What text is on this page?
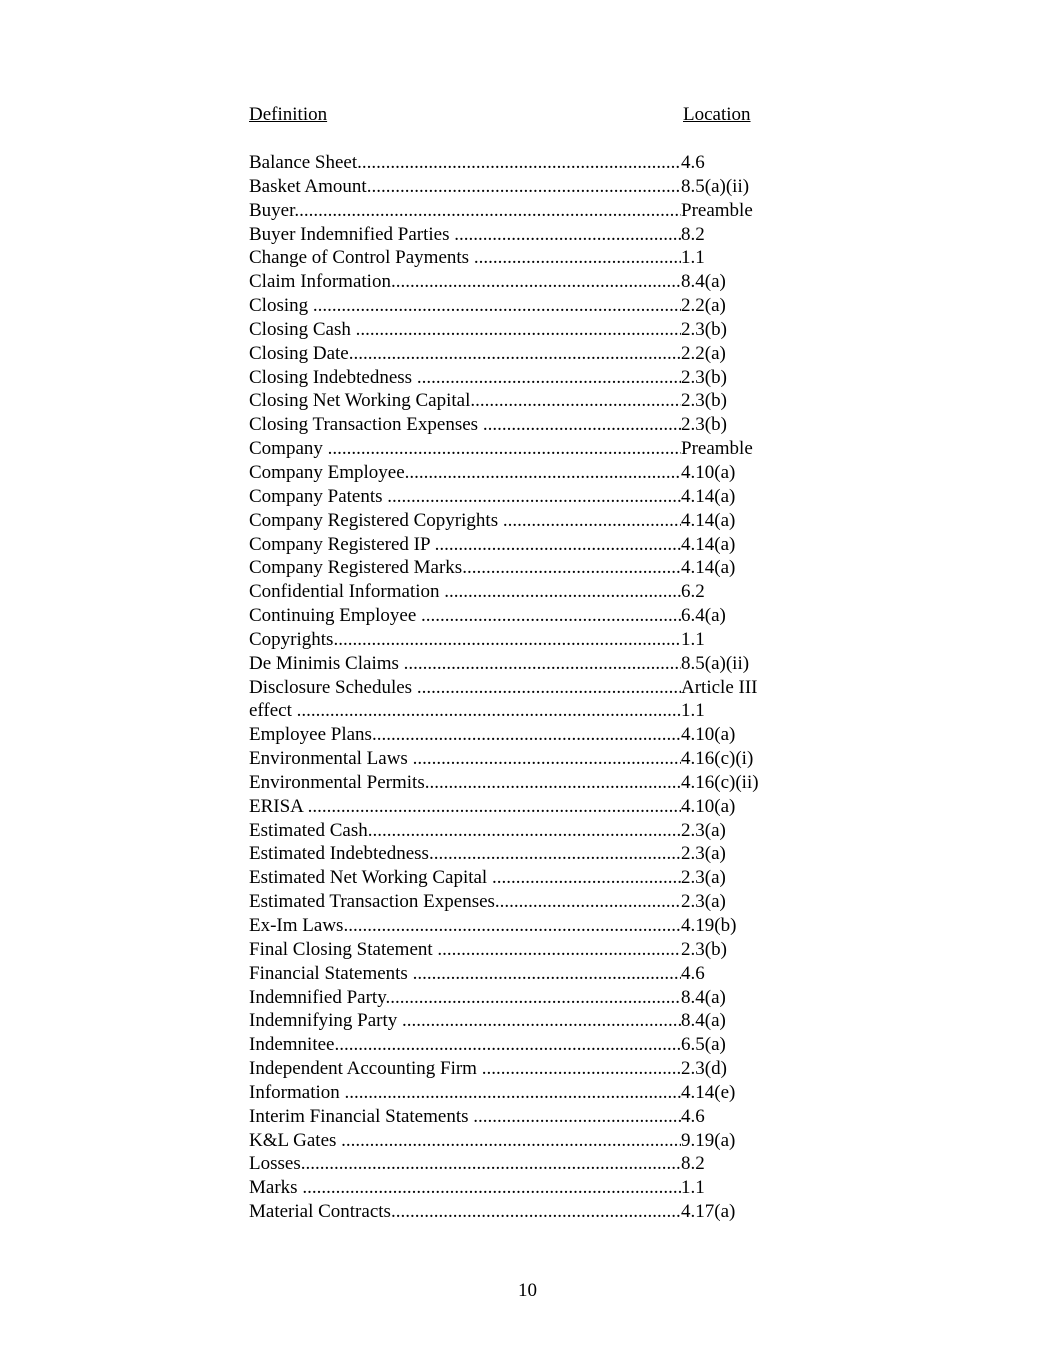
Definition	Location
Balance Sheet .....	4.6
Basket Amount .....	8.5(a)(ii)
Buyer .....	Preamble
Buyer Indemnified Parties .....	8.2
Change of Control Payments .....	1.1
Claim Information .....	8.4(a)
Closing .....	2.2(a)
Closing Cash .....	2.3(b)
Closing Date .....	2.2(a)
Closing Indebtedness .....	2.3(b)
Closing Net Working Capital .....	2.3(b)
Closing Transaction Expenses .....	2.3(b)
Company .....	Preamble
Company Employee .....	4.10(a)
Company Patents .....	4.14(a)
Company Registered Copyrights .....	4.14(a)
Company Registered IP .....	4.14(a)
Company Registered Marks .....	4.14(a)
Confidential Information .....	6.2
Continuing Employee .....	6.4(a)
Copyrights .....	1.1
De Minimis Claims .....	8.5(a)(ii)
Disclosure Schedules .....	Article III
effect .....	1.1
Employee Plans .....	4.10(a)
Environmental Laws .....	4.16(c)(i)
Environmental Permits .....	4.16(c)(ii)
ERISA .....	4.10(a)
Estimated Cash .....	2.3(a)
Estimated Indebtedness .....	2.3(a)
Estimated Net Working Capital .....	2.3(a)
Estimated Transaction Expenses .....	2.3(a)
Ex-Im Laws .....	4.19(b)
Final Closing Statement .....	2.3(b)
Financial Statements .....	4.6
Indemnified Party .....	8.4(a)
Indemnifying Party .....	8.4(a)
Indemnitee .....	6.5(a)
Independent Accounting Firm .....	2.3(d)
Information .....	4.14(e)
Interim Financial Statements .....	4.6
K&L Gates .....	9.19(a)
Losses .....	8.2
Marks .....	1.1
Material Contracts .....	4.17(a)
10
